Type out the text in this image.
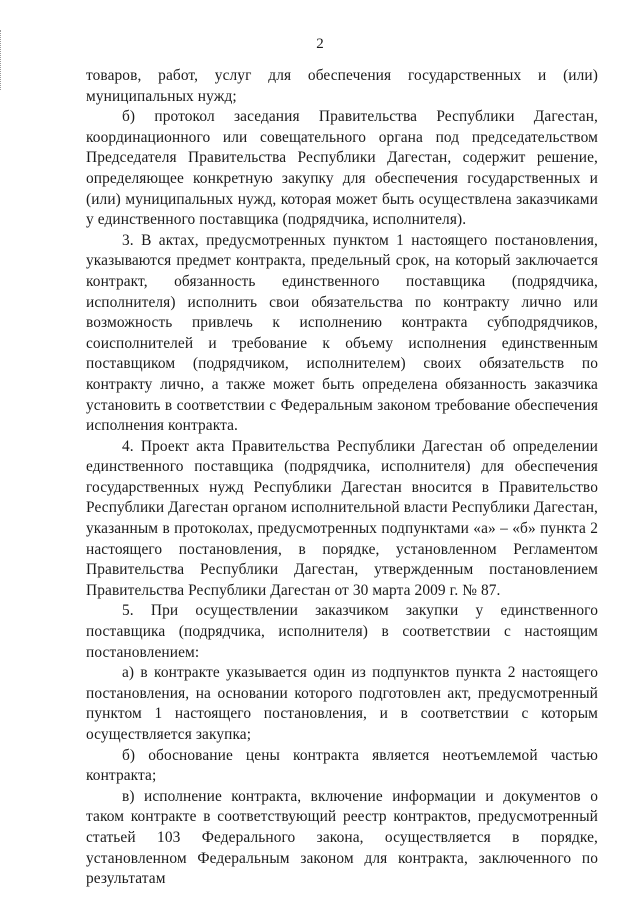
2

товаров, работ, услуг для обеспечения государственных и (или) муниципальных нужд;

б) протокол заседания Правительства Республики Дагестан, координационного или совещательного органа под председательством Председателя Правительства Республики Дагестан, содержит решение, определяющее конкретную закупку для обеспечения государственных и (или) муниципальных нужд, которая может быть осуществлена заказчиками у единственного поставщика (подрядчика, исполнителя).

3. В актах, предусмотренных пунктом 1 настоящего постановления, указываются предмет контракта, предельный срок, на который заключается контракт, обязанность единственного поставщика (подрядчика, исполнителя) исполнить свои обязательства по контракту лично или возможность привлечь к исполнению контракта субподрядчиков, соисполнителей и требование к объему исполнения единственным поставщиком (подрядчиком, исполнителем) своих обязательств по контракту лично, а также может быть определена обязанность заказчика установить в соответствии с Федеральным законом требование обеспечения исполнения контракта.

4. Проект акта Правительства Республики Дагестан об определении единственного поставщика (подрядчика, исполнителя) для обеспечения государственных нужд Республики Дагестан вносится в Правительство Республики Дагестан органом исполнительной власти Республики Дагестан, указанным в протоколах, предусмотренных подпунктами «а» – «б» пункта 2 настоящего постановления, в порядке, установленном Регламентом Правительства Республики Дагестан, утвержденным постановлением Правительства Республики Дагестан от 30 марта 2009 г. № 87.

5. При осуществлении заказчиком закупки у единственного поставщика (подрядчика, исполнителя) в соответствии с настоящим постановлением:

а) в контракте указывается один из подпунктов пункта 2 настоящего постановления, на основании которого подготовлен акт, предусмотренный пунктом 1 настоящего постановления, и в соответствии с которым осуществляется закупка;

б) обоснование цены контракта является неотъемлемой частью контракта;

в) исполнение контракта, включение информации и документов о таком контракте в соответствующий реестр контрактов, предусмотренный статьей 103 Федерального закона, осуществляется в порядке, установленном Федеральным законом для контракта, заключенного по результатам
